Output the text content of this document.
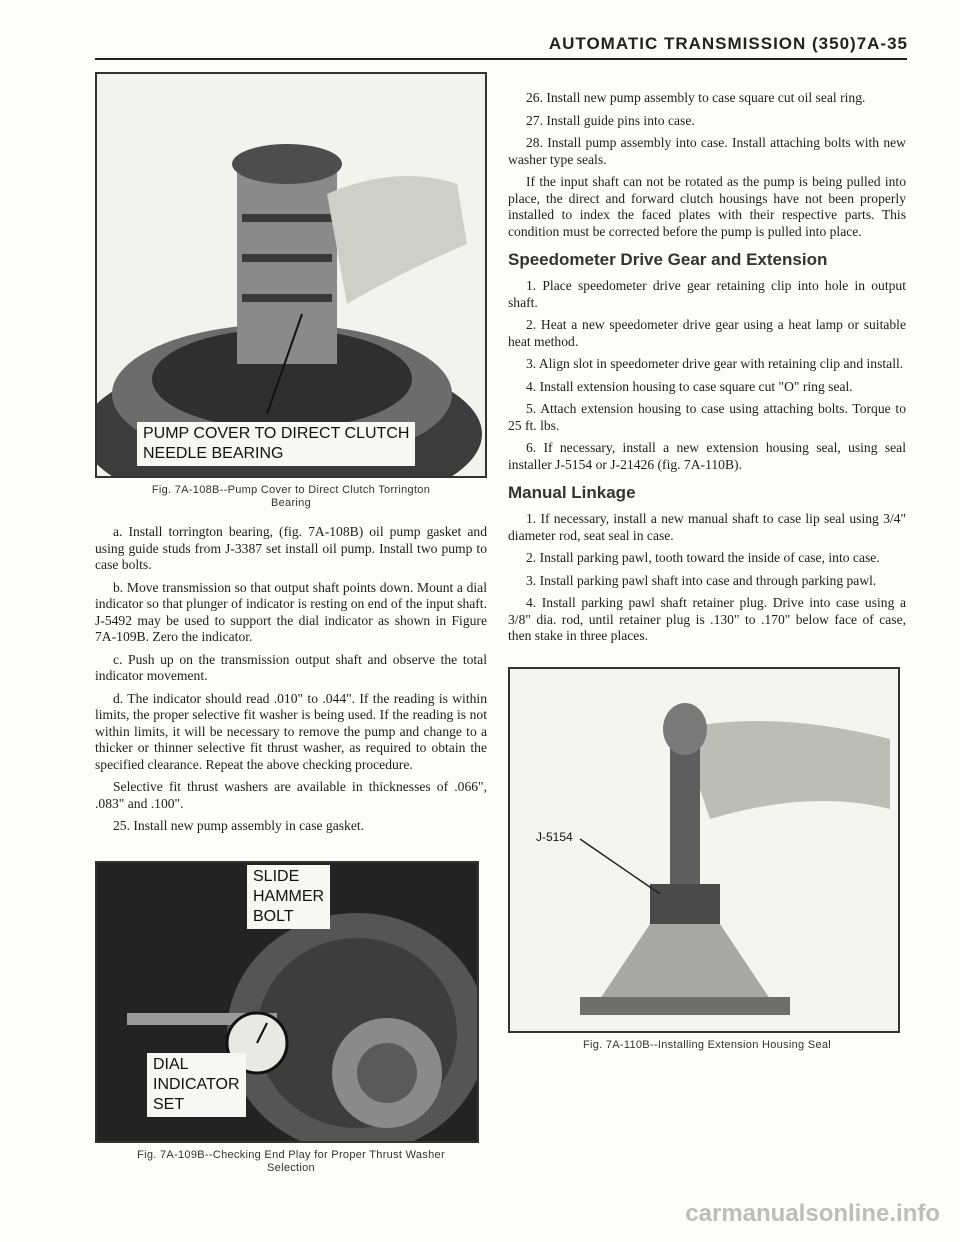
AUTOMATIC TRANSMISSION (350)7A-35
PUMP COVER TO DIRECT CLUTCH
NEEDLE BEARING
Fig. 7A-108B--Pump Cover to Direct Clutch Torrington
Bearing

a. Install torrington bearing, (fig. 7A-108B) oil pump gasket and using guide studs from J-3387 set install oil pump. Install two pump to case bolts.

b. Move transmission so that output shaft points down. Mount a dial indicator so that plunger of indicator is resting on end of the input shaft. J-5492 may be used to support the dial indicator as shown in Figure 7A-109B. Zero the indicator.

c. Push up on the transmission output shaft and observe the total indicator movement.

d. The indicator should read .010" to .044". If the reading is within limits, the proper selective fit washer is being used. If the reading is not within limits, it will be necessary to remove the pump and change to a thicker or thinner selective fit thrust washer, as required to obtain the specified clearance. Repeat the above checking procedure.

Selective fit thrust washers are available in thicknesses of .066", .083" and .100".

25. Install new pump assembly in case gasket.

SLIDE
HAMMER
BOLT
DIAL
INDICATOR
SET
Fig. 7A-109B--Checking End Play for Proper Thrust Washer
Selection

26. Install new pump assembly to case square cut oil seal ring.

27. Install guide pins into case.

28. Install pump assembly into case. Install attaching bolts with new washer type seals.

If the input shaft can not be rotated as the pump is being pulled into place, the direct and forward clutch housings have not been properly installed to index the faced plates with their respective parts. This condition must be corrected before the pump is pulled into place.

Speedometer Drive Gear and Extension

1. Place speedometer drive gear retaining clip into hole in output shaft.

2. Heat a new speedometer drive gear using a heat lamp or suitable heat method.

3. Align slot in speedometer drive gear with retaining clip and install.

4. Install extension housing to case square cut "O" ring seal.

5. Attach extension housing to case using attaching bolts. Torque to 25 ft. lbs.

6. If necessary, install a new extension housing seal, using seal installer J-5154 or J-21426 (fig. 7A-110B).

Manual Linkage

1. If necessary, install a new manual shaft to case lip seal using 3/4" diameter rod, seat seal in case.

2. Install parking pawl, tooth toward the inside of case, into case.

3. Install parking pawl shaft into case and through parking pawl.

4. Install parking pawl shaft retainer plug. Drive into case using a 3/8" dia. rod, until retainer plug is .130" to .170" below face of case, then stake in three places.

J-5154
Fig. 7A-110B--Installing Extension Housing Seal
carmanualsonline.info
